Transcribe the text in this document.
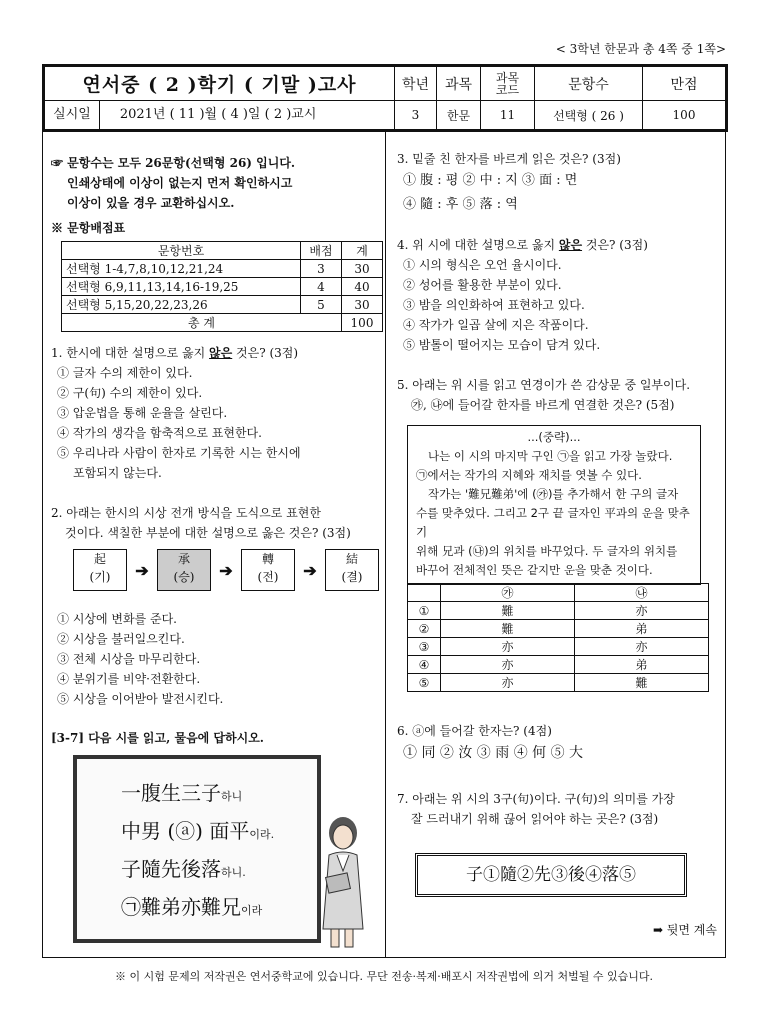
< 3학년 한문과 총 4쪽 중 1쪽>
연서중 ( 2 )학기 ( 기말 )고사	학년	과목	과목
코드	문항수	만점
실시일 2021년 ( 11 )월 ( 4 )일 ( 2 )교시	3	한문	11	선택형 ( 26 )	100
☞ 문항수는 모두 26문항(선택형 26) 입니다.

인쇄상태에 이상이 없는지 먼저 확인하시고
이상이 있을 경우 교환하십시오.
※ 문항배점표
문항번호	배점	계
선택형 1-4,7,8,10,12,21,24	3	30
선택형 6,9,11,13,14,16-19,25	4	40
선택형 5,15,20,22,23,26	5	30
총 계		100
1. 한시에 대한 설명으로 옳지 않은 것은? (3점)
① 글자 수의 제한이 있다.
② 구(句) 수의 제한이 있다.
③ 압운법을 통해 운율을 살린다.
④ 작가의 생각을 함축적으로 표현한다.
⑤ 우리나라 사람이 한자로 기록한 시는 한시에
포함되지 않는다.
2. 아래는 한시의 시상 전개 방식을 도식으로 표현한
것이다. 색칠한 부분에 대한 설명으로 옳은 것은? (3점)
起
(기)	➔
承
(승)	➔
轉
(전)	➔
結
(결)
① 시상에 변화를 준다.
② 시상을 불러일으킨다.
③ 전체 시상을 마무리한다.
④ 분위기를 비약·전환한다.
⑤ 시상을 이어받아 발전시킨다.
[3-7] 다음 시를 읽고, 물음에 답하시오.
一腹生三子하니
中男 (ⓐ) 面平이라.
子隨先後落하니.
㉠難弟亦難兄이라
3. 밑줄 친 한자를 바르게 읽은 것은? (3점)
① 腹 : 평 ② 中 : 지 ③ 面 : 면
④ 隨 : 후 ⑤ 落 : 역
4. 위 시에 대한 설명으로 옳지 않은 것은? (3점)
① 시의 형식은 오언 율시이다.
② 성어를 활용한 부분이 있다.
③ 밤을 의인화하여 표현하고 있다.
④ 작가가 일곱 살에 지은 작품이다.
⑤ 밤톨이 떨어지는 모습이 담겨 있다.
5. 아래는 위 시를 읽고 연경이가 쓴 감상문 중 일부이다.
㉮, ㉯에 들어갈 한자를 바르게 연결한 것은? (5점)
...(중략)...
나는 이 시의 마지막 구인 ㉠을 읽고 가장 놀랐다.
㉠에서는 작가의 지혜와 재치를 엿볼 수 있다.
작가는 '難兄難弟'에 (㉮)를 추가해서 한 구의 글자
수를 맞추었다. 그리고 2구 끝 글자인 平과의 운을 맞추기
위해 兄과 (㉯)의 위치를 바꾸었다. 두 글자의 위치를
바꾸어 전체적인 뜻은 같지만 운을 맞춘 것이다.
	㉮	㉯
①	難	亦
②	難	弟
③	亦	亦
④	亦	弟
⑤	亦	難
6. ⓐ에 들어갈 한자는? (4점)
① 同 ② 汝 ③ 雨 ④ 何 ⑤ 大
7. 아래는 위 시의 3구(句)이다. 구(句)의 의미를 가장
잘 드러내기 위해 끊어 읽어야 하는 곳은? (3점)
子①隨②先③後④落⑤
➡ 뒷면 계속
※ 이 시험 문제의 저작권은 연서중학교에 있습니다. 무단 전송·복제·배포시 저작권법에 의거 처벌될 수 있습니다.
